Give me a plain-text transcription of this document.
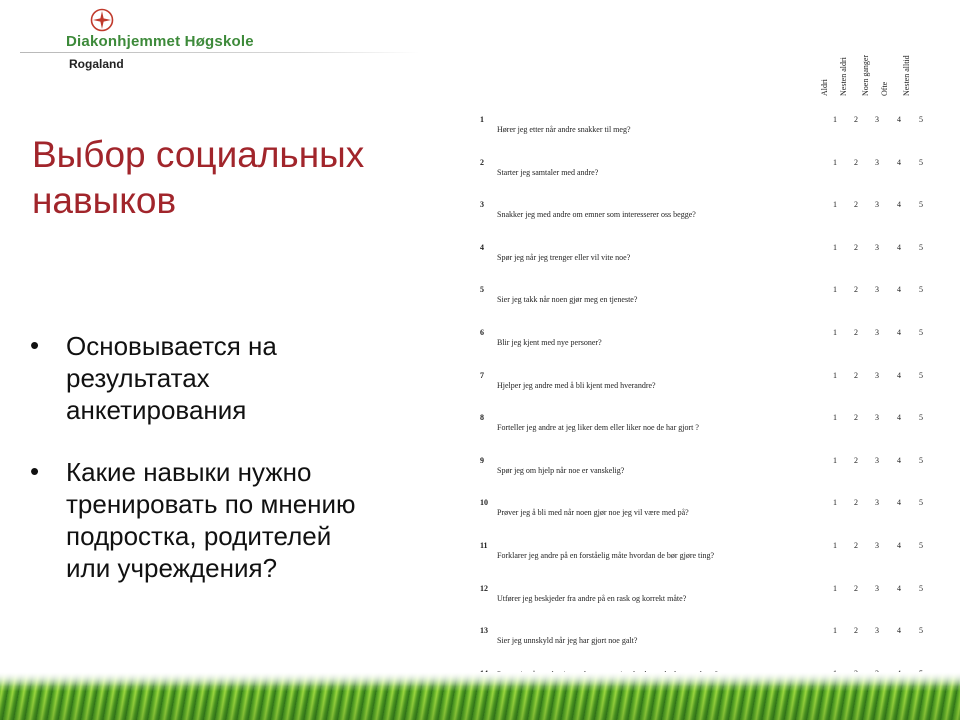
Diakonhjemmet Høgskole
Rogaland
Выбор социальных
навыков
• Основывается на
результатах
анкетирования
• Какие навыки нужно
тренировать по мнению
подростка, родителей
или учреждения?
Aldri Nesten aldri Noen ganger Ofte Nesten alltid
1
Hører jeg etter når andre snakker til meg?
1	2	3	4	5
2
Starter jeg samtaler med andre?
1	2	3	4	5
3
Snakker jeg med andre om emner som interesserer oss begge?
1	2	3	4	5
4
Spør jeg når jeg trenger eller vil vite noe?
1	2	3	4	5
5
Sier jeg takk når noen gjør meg en tjeneste?
1	2	3	4	5
6
Blir jeg kjent med nye personer?
1	2	3	4	5
7
Hjelper jeg andre med å bli kjent med hverandre?
1	2	3	4	5
8
Forteller jeg andre at jeg liker dem eller liker noe de har gjort ?
1	2	3	4	5
9
Spør jeg om hjelp når noe er vanskelig?
1	2	3	4	5
10
Prøver jeg å bli med når noen gjør noe jeg vil være med på?
1	2	3	4	5
11
Forklarer jeg andre på en forståelig måte hvordan de bør gjøre ting?
1	2	3	4	5
12
Utfører jeg beskjeder fra andre på en rask og korrekt måte?
1	2	3	4	5
13
Sier jeg unnskyld når jeg har gjort noe galt?
1	2	3	4	5
